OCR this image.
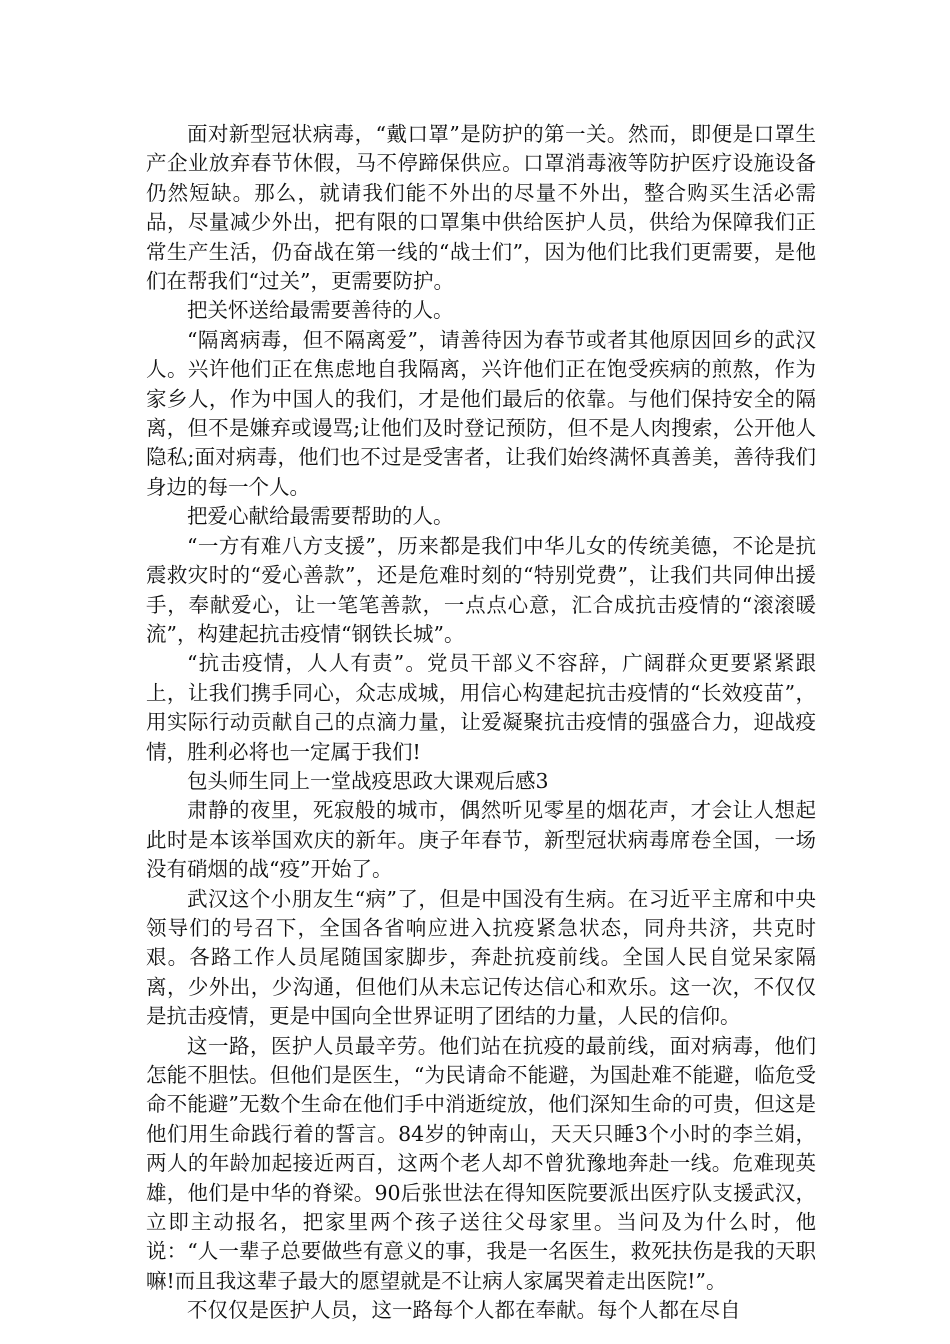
面对新型冠状病毒，“戴口罩”是防护的第一关。然而，即便是口罩生产企业放弃春节休假，马不停蹄保供应。口罩消毒液等防护医疗设施设备仍然短缺。那么，就请我们能不外出的尽量不外出，整合购买生活必需品，尽量减少外出，把有限的口罩集中供给医护人员，供给为保障我们正常生产生活，仍奋战在第一线的“战士们”，因为他们比我们更需要，是他们在帮我们“过关”，更需要防护。

把关怀送给最需要善待的人。

“隔离病毒，但不隔离爱”，请善待因为春节或者其他原因回乡的武汉人。兴许他们正在焦虑地自我隔离，兴许他们正在饱受疾病的煎熬，作为家乡人，作为中国人的我们，才是他们最后的依靠。与他们保持安全的隔离，但不是嫌弃或谩骂;让他们及时登记预防，但不是人肉搜索，公开他人隐私;面对病毒，他们也不过是受害者，让我们始终满怀真善美，善待我们身边的每一个人。

把爱心献给最需要帮助的人。

“一方有难八方支援”，历来都是我们中华儿女的传统美德，不论是抗震救灾时的“爱心善款”，还是危难时刻的“特别党费”，让我们共同伸出援手，奉献爱心，让一笔笔善款，一点点心意，汇合成抗击疫情的“滚滚暖流”，构建起抗击疫情“钢铁长城”。

“抗击疫情，人人有责”。党员干部义不容辞，广阔群众更要紧紧跟上，让我们携手同心，众志成城，用信心构建起抗击疫情的“长效疫苗”，用实际行动贡献自己的点滴力量，让爱凝聚抗击疫情的强盛合力，迎战疫情，胜利必将也一定属于我们!

包头师生同上一堂战疫思政大课观后感3

肃静的夜里，死寂般的城市，偶然听见零星的烟花声，才会让人想起此时是本该举国欢庆的新年。庚子年春节，新型冠状病毒席卷全国，一场没有硝烟的战“疫”开始了。

武汉这个小朋友生“病”了，但是中国没有生病。在习近平主席和中央领导们的号召下，全国各省响应进入抗疫紧急状态，同舟共济，共克时艰。各路工作人员尾随国家脚步，奔赴抗疫前线。全国人民自觉呆家隔离，少外出，少沟通，但他们从未忘记传达信心和欢乐。这一次，不仅仅是抗击疫情，更是中国向全世界证明了团结的力量，人民的信仰。

这一路，医护人员最辛劳。他们站在抗疫的最前线，面对病毒，他们怎能不胆怯。但他们是医生，“为民请命不能避，为国赴难不能避，临危受命不能避”无数个生命在他们手中消逝绽放，他们深知生命的可贵，但这是他们用生命践行着的誓言。84岁的钟南山，天天只睡3个小时的李兰娟，两人的年龄加起接近两百，这两个老人却不曾犹豫地奔赴一线。危难现英雄，他们是中华的脊梁。90后张世法在得知医院要派出医疗队支援武汉，立即主动报名，把家里两个孩子送往父母家里。当问及为什么时，他说：“人一辈子总要做些有意义的事，我是一名医生，救死扶伤是我的天职嘛!而且我这辈子最大的愿望就是不让病人家属哭着走出医院!”。

不仅仅是医护人员，这一路每个人都在奉献。每个人都在尽自
